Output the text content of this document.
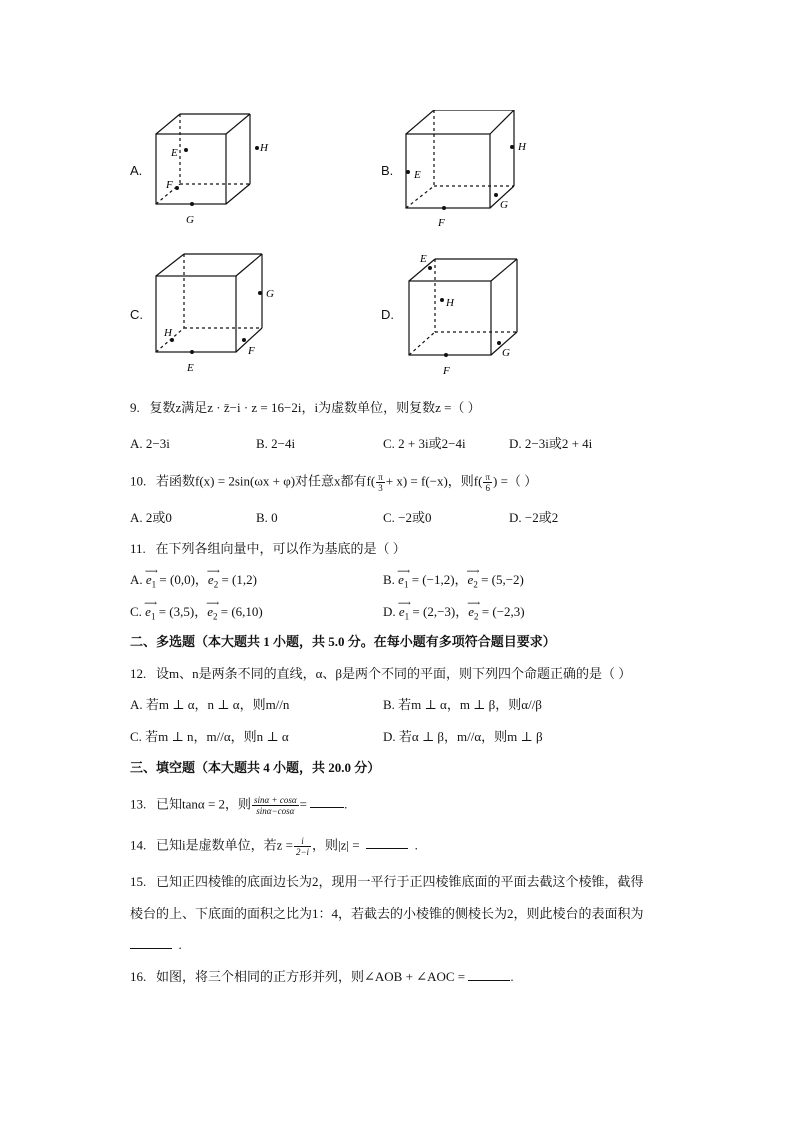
A.
E	H
F
G
B. E
H
F
G
C.
G
H
E
F
D.
E
H
F
G
9. 复数z满足z · z̄−i · z = 16−2i，i为虚数单位，则复数z =（ ）
A. 2−3i	B. 2−4i	C. 2 + 3i或2−4i	D. 2−3i或2 + 4i
10. 若函数f(x) = 2sin(ωx + φ)对任意x都有$f( \frac{\pi}{3} + x) = f(-x)$，则$f( \frac{\pi}{6}$ ) =（ ）
A. 2或0	B. 0	C. −2或0	D. −2或2
11. 在下列各组向量中，可以作为基底的是（ ）
A. ⟶ $e_1 = (0,0)$，⟶ $e_2 = (1,2)$	B. ⟶ $e_1 = (-1,2)$，⟶ $e_2 = (5,-2)$
C. ⟶ $e_1 = (3,5)$，⟶ $e_2 = (6,10)$	D. ⟶ $e_1 = (2,-3)$，⟶ $e_2 = (-2,3)$
二、多选题（本大题共 1 小题，共 5.0 分。在每小题有多项符合题目要求）
12. 设m、n是两条不同的直线，α、β是两个不同的平面，则下列四个命题正确的是（ ）
A. 若m ⊥ α，n ⊥ α，则m//n	B. 若m ⊥ α，m ⊥ β，则α//β
C. 若m ⊥ n，m//α，则n ⊥ α	D. 若α ⊥ β，m//α，则m ⊥ β
三、填空题（本大题共 4 小题，共 20.0 分）
13. 已知tanα = 2，则 $\frac{\sin\alpha + \cos\alpha}{\sin\alpha-\cos\alpha}$ =	.
14. 已知i是虚数单位，若$z = \frac{i}{2-i}$ ，则|z| =	.
15. 已知正四棱锥的底面边长为2，现用一平行于正四棱锥底面的平面去截这个棱锥，截得
棱台的上、下底面的面积之比为1：4，若截去的小棱锥的侧棱长为2，则此棱台的表面积为
.
16. 如图，将三个相同的正方形并列，则∠AOB + ∠AOC =	.
